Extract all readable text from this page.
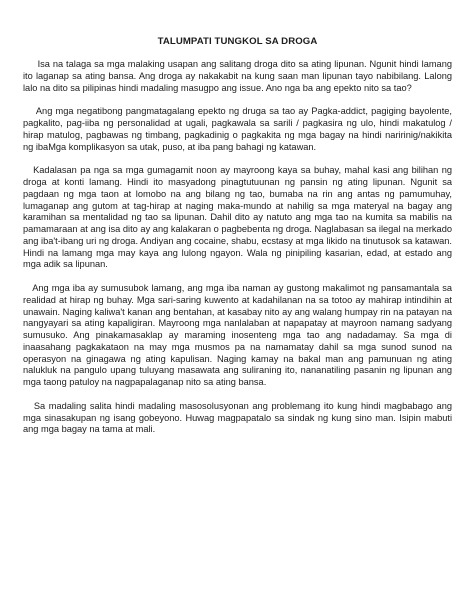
TALUMPATI TUNGKOL SA DROGA

Isa na talaga sa mga malaking usapan ang salitang droga dito sa ating lipunan. Ngunit hindi lamang ito laganap sa ating bansa. Ang droga ay nakakabit na kung saan man lipunan tayo nabibilang. Lalong lalo na dito sa pilipinas hindi madaling masugpo ang issue. Ano nga ba ang epekto nito sa tao?

Ang mga negatibong pangmatagalang epekto ng druga sa tao ay Pagka-addict, pagiging bayolente, pagkalito, pag-iiba ng personalidad at ugali, pagkawala sa sarili / pagkasira ng ulo, hindi makatulog / hirap matulog, pagbawas ng timbang, pagkadinig o pagkakita ng mga bagay na hindi naririnig/nakikita ng ibaMga komplikasyon sa utak, puso, at iba pang bahagi ng katawan.

Kadalasan pa nga sa mga gumagamit noon ay mayroong kaya sa buhay, mahal kasi ang bilihan ng droga at konti lamang. Hindi ito masyadong pinagtutuunan ng pansin ng ating lipunan. Ngunit sa pagdaan ng mga taon at lomobo na ang bilang ng tao, bumaba na rin ang antas ng pamumuhay, lumaganap ang gutom at tag-hirap at naging maka-mundo at nahilig sa mga materyal na bagay ang karamihan sa mentalidad ng tao sa lipunan. Dahil dito ay natuto ang mga tao na kumita sa mabilis na pamamaraan at ang isa dito ay ang kalakaran o pagbebenta ng droga. Naglabasan sa ilegal na merkado ang iba't-ibang uri ng droga. Andiyan ang cocaine, shabu, ecstasy at mga likido na tinutusok sa katawan. Hindi na lamang mga may kaya ang lulong ngayon. Wala ng pinipiling kasarian, edad, at estado ang mga adik sa lipunan.

Ang mga iba ay sumusubok lamang, ang mga iba naman ay gustong makalimot ng pansamantala sa realidad at hirap ng buhay. Mga sari-saring kuwento at kadahilanan na sa totoo ay mahirap intindihin at unawain. Naging kaliwa't kanan ang bentahan, at kasabay nito ay ang walang humpay rin na patayan na nangyayari sa ating kapaligiran. Mayroong mga nanlalaban at napapatay at mayroon namang sadyang sumusuko. Ang pinakamasaklap ay maraming inosenteng mga tao ang nadadamay. Sa mga di inaasahang pagkakataon na may mga musmos pa na namamatay dahil sa mga sunod sunod na operasyon na ginagawa ng ating kapulisan. Naging kamay na bakal man ang pamunuan ng ating nalukluk na pangulo upang tuluyang masawata ang suliraning ito, nananatiling pasanin ng lipunan ang mga taong patuloy na nagpapalaganap nito sa ating bansa.

Sa madaling salita hindi madaling masosolusyonan ang problemang ito kung hindi magbabago ang mga sinasakupan ng isang gobeyono. Huwag magpapatalo sa sindak ng kung sino man. Isipin mabuti ang mga bagay na tama at mali.
